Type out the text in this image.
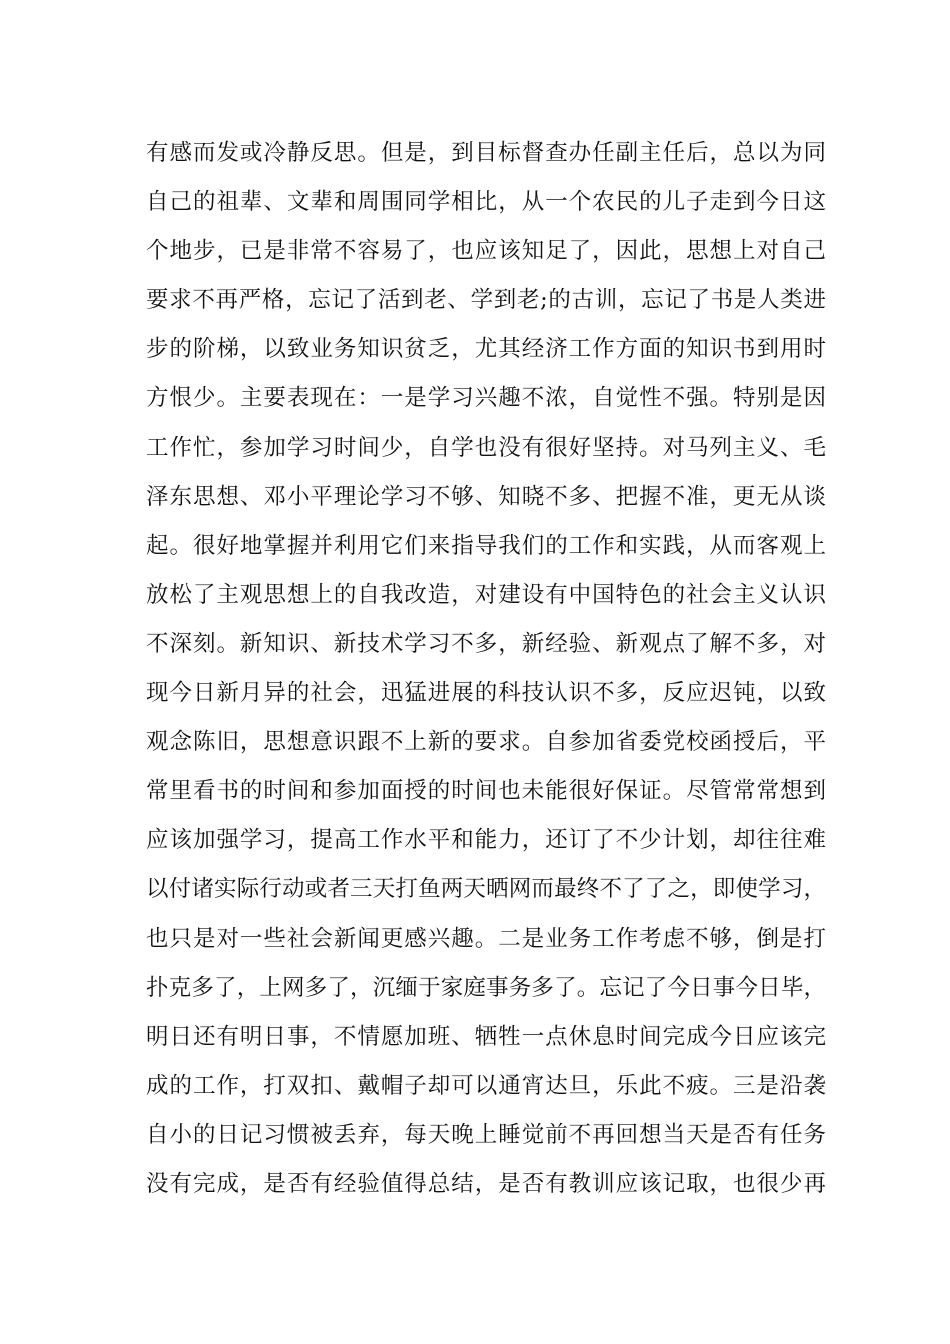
有感而发或冷静反思。但是，到目标督查办任副主任后，总以为同
自己的祖辈、文辈和周围同学相比，从一个农民的儿子走到今日这
个地步，已是非常不容易了，也应该知足了，因此，思想上对自己
要求不再严格，忘记了活到老、学到老;的古训，忘记了书是人类进
步的阶梯，以致业务知识贫乏，尤其经济工作方面的知识书到用时
方恨少。主要表现在：一是学习兴趣不浓，自觉性不强。特别是因
工作忙，参加学习时间少，自学也没有很好坚持。对马列主义、毛
泽东思想、邓小平理论学习不够、知晓不多、把握不准，更无从谈
起。很好地掌握并利用它们来指导我们的工作和实践，从而客观上
放松了主观思想上的自我改造，对建设有中国特色的社会主义认识
不深刻。新知识、新技术学习不多，新经验、新观点了解不多，对
现今日新月异的社会，迅猛进展的科技认识不多，反应迟钝，以致
观念陈旧，思想意识跟不上新的要求。自参加省委党校函授后，平
常里看书的时间和参加面授的时间也未能很好保证。尽管常常想到
应该加强学习，提高工作水平和能力，还订了不少计划，却往往难
以付诸实际行动或者三天打鱼两天晒网而最终不了了之，即使学习，
也只是对一些社会新闻更感兴趣。二是业务工作考虑不够，倒是打
扑克多了，上网多了，沉缅于家庭事务多了。忘记了今日事今日毕，
明日还有明日事，不情愿加班、牺牲一点休息时间完成今日应该完
成的工作，打双扣、戴帽子却可以通宵达旦，乐此不疲。三是沿袭
自小的日记习惯被丢弃，每天晚上睡觉前不再回想当天是否有任务
没有完成，是否有经验值得总结，是否有教训应该记取，也很少再
